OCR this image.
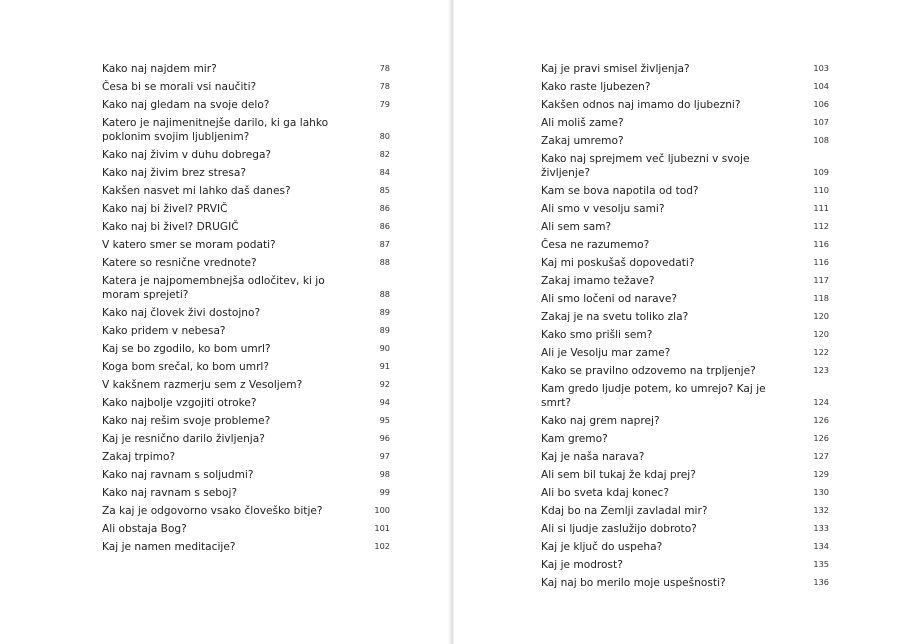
Kako naj najdem mir?	78
Česa bi se morali vsi naučiti?	78
Kako naj gledam na svoje delo?	79
Katero je najimenitnejše darilo, ki ga lahko poklonim svojim ljubljenim?	80
Kako naj živim v duhu dobrega?	82
Kako naj živim brez stresa?	84
Kakšen nasvet mi lahko daš danes?	85
Kako naj bi živel? PRVIČ	86
Kako naj bi živel? DRUGIČ	86
V katero smer se moram podati?	87
Katere so resnične vrednote?	88
Katera je najpomembnejša odločitev, ki jo moram sprejeti?	88
Kako naj človek živi dostojno?	89
Kako pridem v nebesa?	89
Kaj se bo zgodilo, ko bom umrl?	90
Koga bom srečal, ko bom umrl?	91
V kakšnem razmerju sem z Vesoljem?	92
Kako najbolje vzgojiti otroke?	94
Kako naj rešim svoje probleme?	95
Kaj je resnično darilo življenja?	96
Zakaj trpimo?	97
Kako naj ravnam s soljudmi?	98
Kako naj ravnam s seboj?	99
Za kaj je odgovorno vsako človeško bitje?	100
Ali obstaja Bog?	101
Kaj je namen meditacije?	102
Kaj je pravi smisel življenja?	103
Kako raste ljubezen?	104
Kakšen odnos naj imamo do ljubezni?	106
Ali moliš zame?	107
Zakaj umremo?	108
Kako naj sprejmem več ljubezni v svoje življenje?	109
Kam se bova napotila od tod?	110
Ali smo v vesolju sami?	111
Ali sem sam?	112
Česa ne razumemo?	116
Kaj mi poskušaš dopovedati?	116
Zakaj imamo težave?	117
Ali smo ločeni od narave?	118
Zakaj je na svetu toliko zla?	120
Kako smo prišli sem?	120
Ali je Vesolju mar zame?	122
Kako se pravilno odzovemo na trpljenje?	123
Kam gredo ljudje potem, ko umrejo? Kaj je smrt?	124
Kako naj grem naprej?	126
Kam gremo?	126
Kaj je naša narava?	127
Ali sem bil tukaj že kdaj prej?	129
Ali bo sveta kdaj konec?	130
Kdaj bo na Zemlji zavladal mir?	132
Ali si ljudje zaslužijo dobroto?	133
Kaj je ključ do uspeha?	134
Kaj je modrost?	135
Kaj naj bo merilo moje uspešnosti?	136
